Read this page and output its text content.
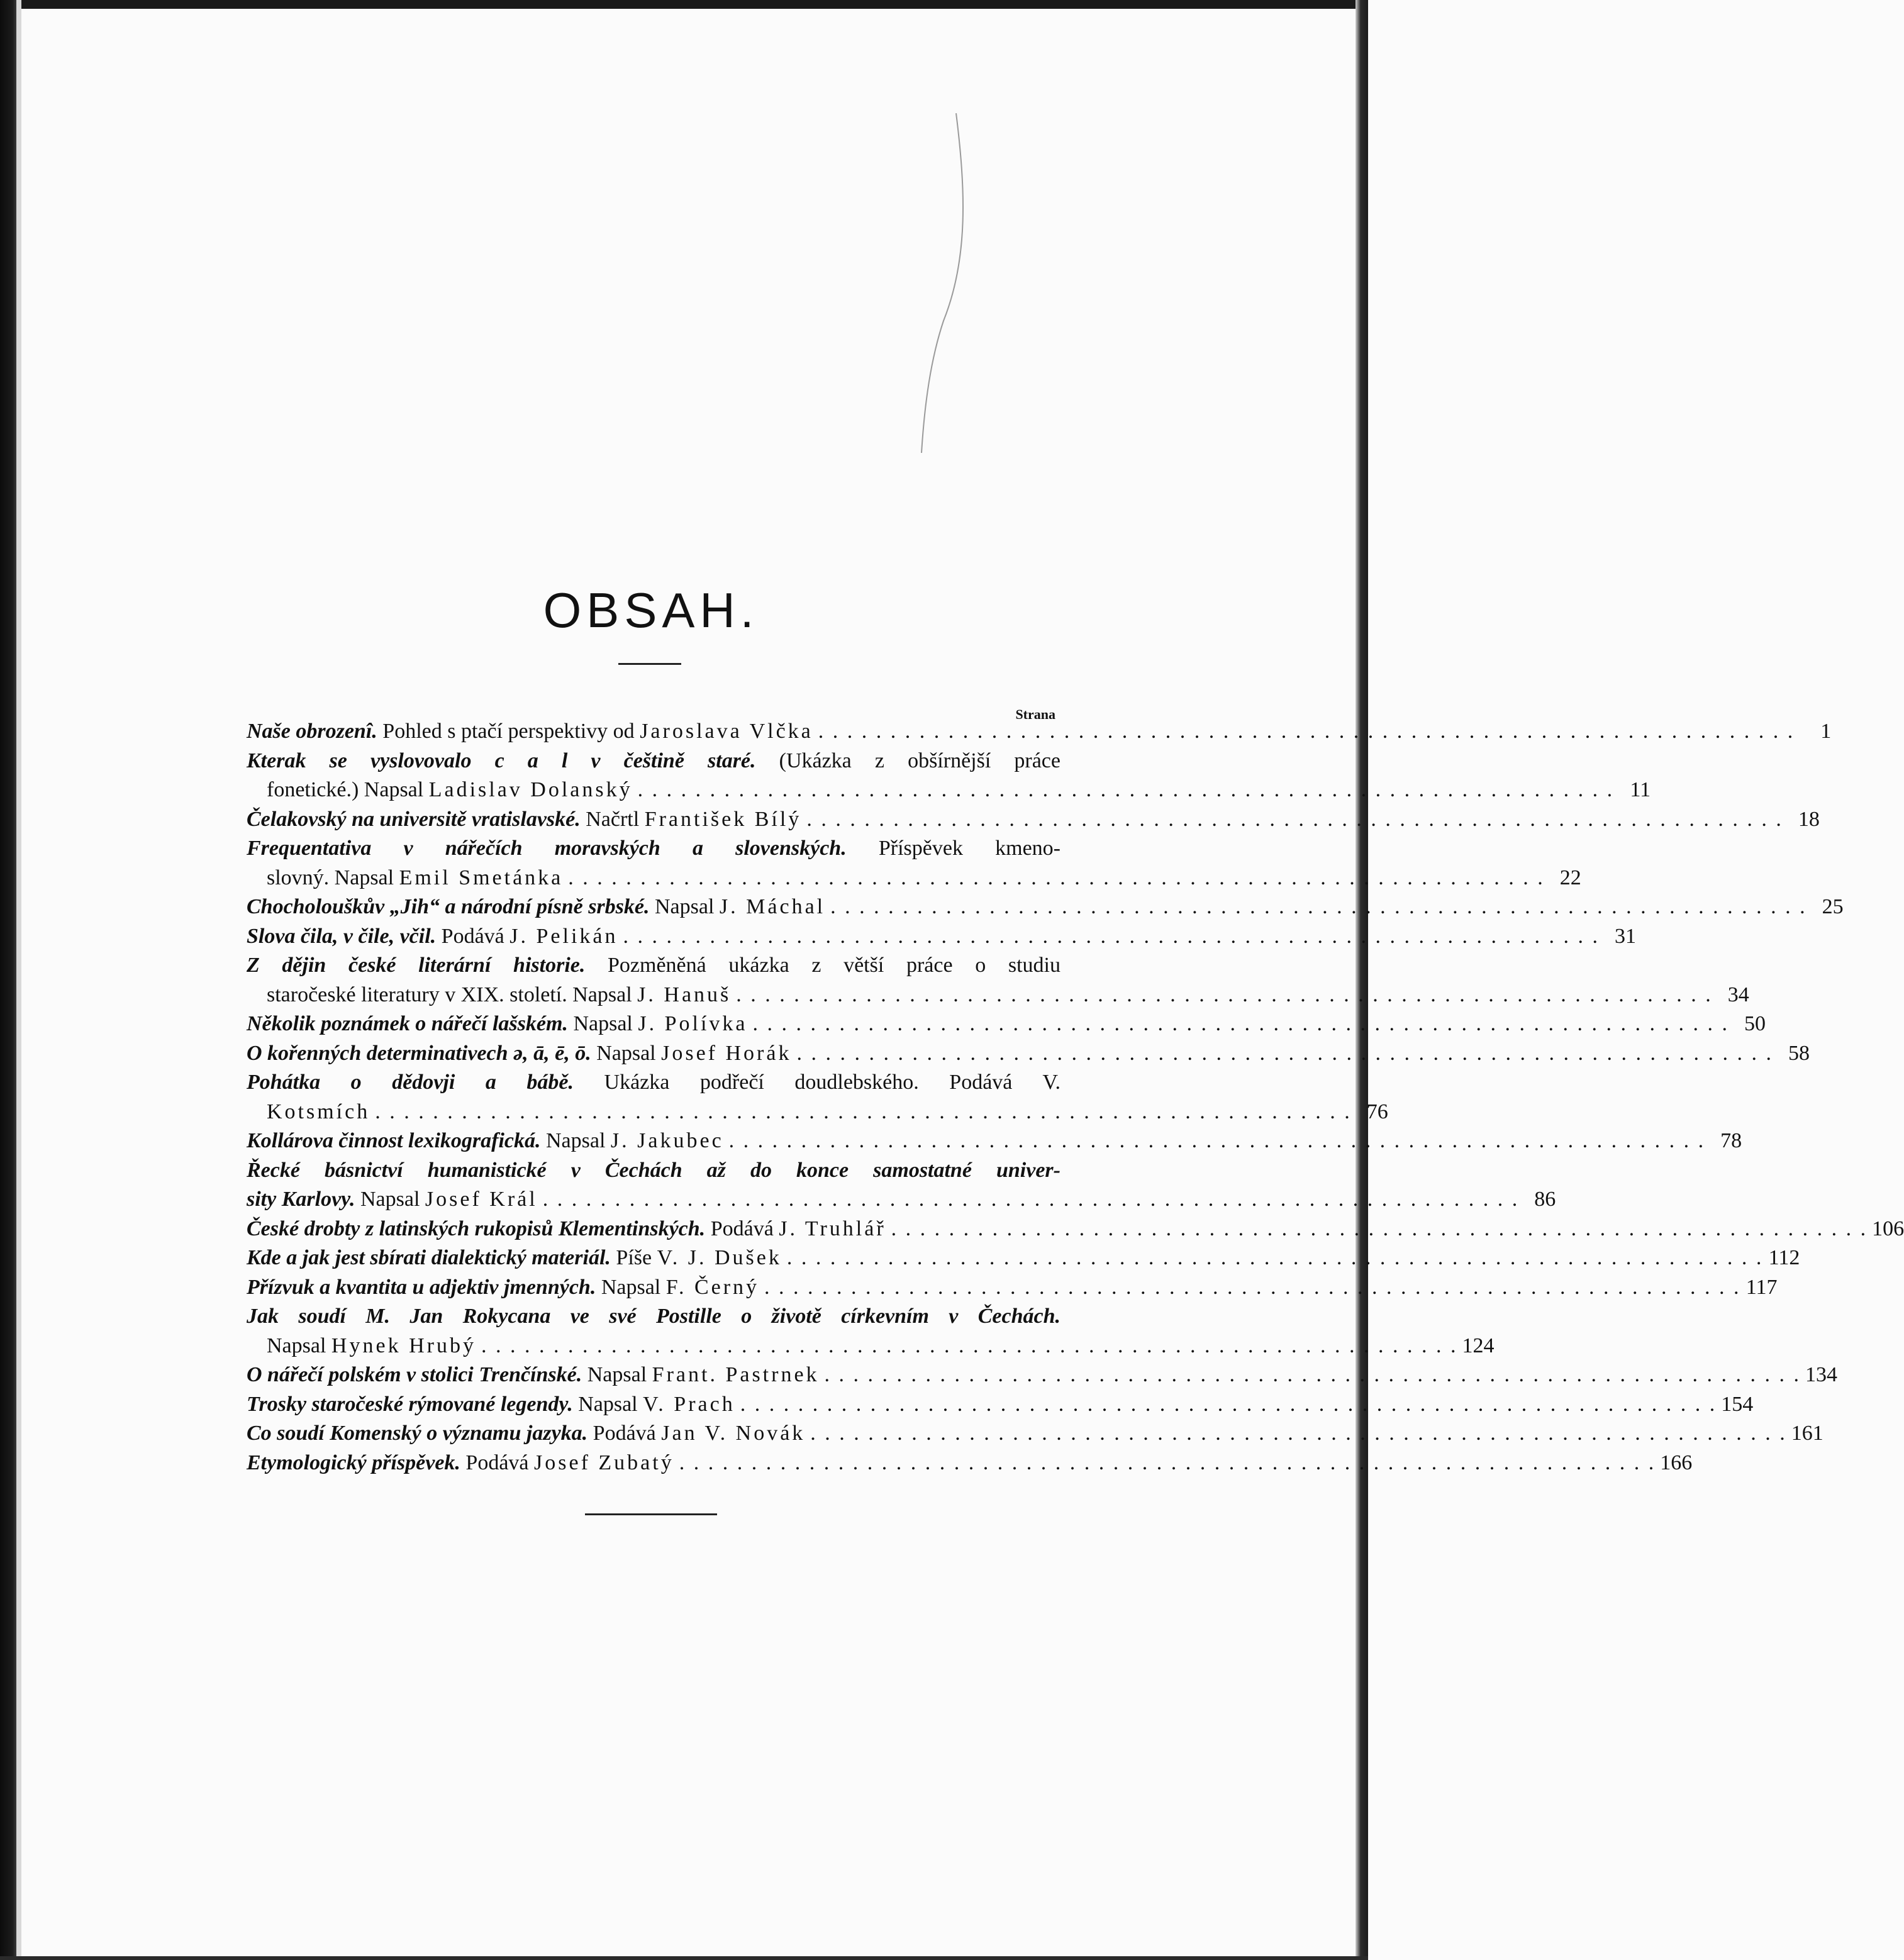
OBSAH.
Strana
Naše obrozenî. Pohled s ptačí perspektivy od Jaroslava Vlčka . . .	1
Kterak se vyslovovalo c a l v češtině staré. (Ukázka z obšírnější práce
fonetické.) Napsal Ladislav Dolanský . . .	11
Čelakovský na universitě vratislavské. Načrtl František Bílý . . .	18
Frequentativa v nářečích moravských a slovenských. Příspěvek kmeno-
slovný. Napsal Emil Smetánka . . .	22
Chocholouškův „Jih“ a národní písně srbské. Napsal J. Máchal . . .	25
Slova čila, v čile, včil. Podává J. Pelikán . . .	31
Z dějin české literární historie. Pozměněná ukázka z větší práce o studiu
staročeské literatury v XIX. století. Napsal J. Hanuš . . .	34
Několik poznámek o nářečí lašském. Napsal J. Polívka . . .	50
O kořenných determinativech ə, ā, ē, ō. Napsal Josef Horák . . .	58
Pohátka o dědovji a bábě. Ukázka podřečí doudlebského. Podává V.
Kotsmích . . .	76
Kollárova činnost lexikografická. Napsal J. Jakubec . . .	78
Řecké básnictví humanistické v Čechách až do konce samostatné univer-
sity Karlovy. Napsal Josef Král . . .	86
České drobty z latinských rukopisů Klementinských. Podává J. Truhlář . . .	106
Kde a jak jest sbírati dialektický materiál. Píše V. J. Dušek . . .	112
Přízvuk a kvantita u adjektiv jmenných. Napsal F. Černý . . .	117
Jak soudí M. Jan Rokycana ve své Postille o životě církevním v Čechách.
Napsal Hynek Hrubý . . .	124
O nářečí polském v stolici Trenčínské. Napsal Frant. Pastrnek . . .	134
Trosky staročeské rýmované legendy. Napsal V. Prach . . .	154
Co soudí Komenský o významu jazyka. Podává Jan V. Novák . . .	161
Etymologický příspěvek. Podává Josef Zubatý . . .	166
